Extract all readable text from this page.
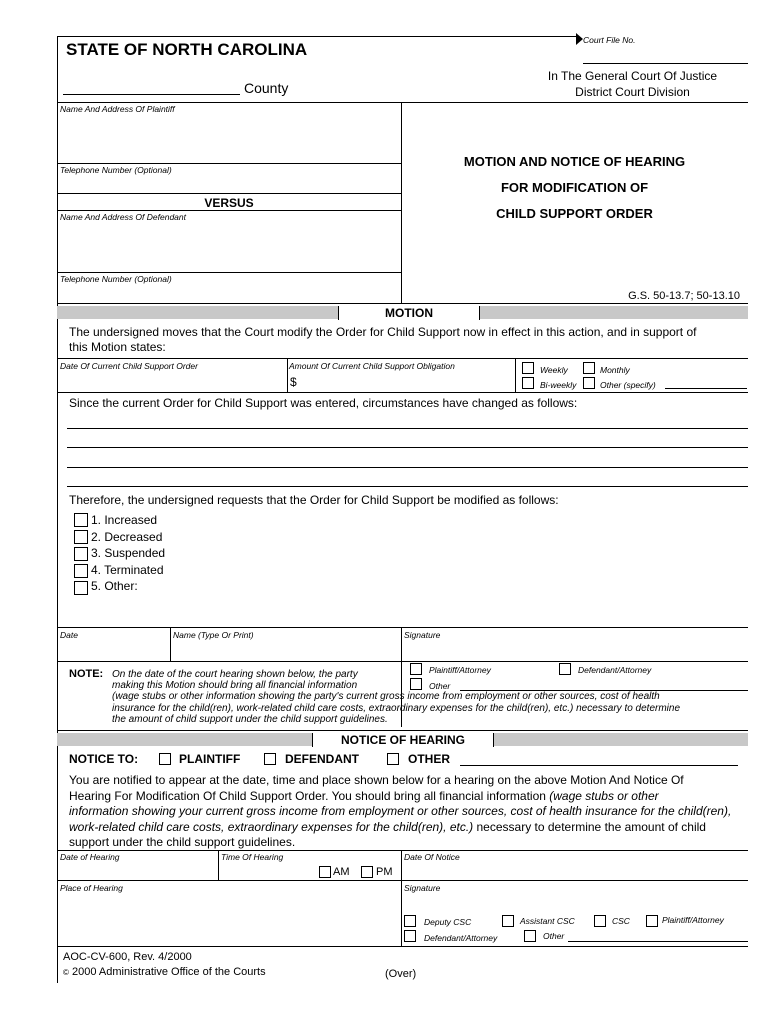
Court File No.
STATE OF NORTH CAROLINA
County
In The General Court Of Justice
District Court Division
Name And Address Of Plaintiff
Telephone Number (Optional)
VERSUS
Name And Address Of Defendant
Telephone Number (Optional)
MOTION AND NOTICE OF HEARING
FOR MODIFICATION OF
CHILD SUPPORT ORDER
G.S. 50-13.7; 50-13.10
MOTION
The undersigned moves that the Court modify the Order for Child Support now in effect in this action, and in support of
this Motion states:
Date Of Current Child Support Order	Amount Of Current Child Support Obligation
$
Weekly	Monthly
Bi-weekly	Other (specify)
Since the current Order for Child Support was entered, circumstances have changed as follows:
Therefore, the undersigned requests that the Order for Child Support be modified as follows:
1. Increased
2. Decreased
3. Suspended
4. Terminated
5. Other:
Date	Name (Type Or Print)	Signature
Plaintiff/Attorney	Defendant/Attorney
Other
NOTE: On the date of the court hearing shown below, the party
making this Motion should bring all financial information
(wage stubs or other information showing the party's current gross income from employment or other sources, cost of health
insurance for the child(ren), work-related child care costs, extraordinary expenses for the child(ren), etc.) necessary to determine
the amount of child support under the child support guidelines.
NOTICE OF HEARING
NOTICE TO:	PLAINTIFF	DEFENDANT	OTHER
You are notified to appear at the date, time and place shown below for a hearing on the above Motion And Notice Of
Hearing For Modification Of Child Support Order. You should bring all financial information (wage stubs or other
information showing your current gross income from employment or other sources, cost of health insurance for the child(ren),
work-related child care costs, extraordinary expenses for the child(ren), etc.) necessary to determine the amount of child
support under the child support guidelines.
Date of Hearing	Time Of Hearing
AM PM
Date Of Notice
Place of Hearing	Signature
Deputy CSC	Assistant CSC	CSC	Plaintiff/Attorney
Defendant/Attorney	Other
AOC-CV-600, Rev. 4/2000
© 2000 Administrative Office of the Courts	(Over)
